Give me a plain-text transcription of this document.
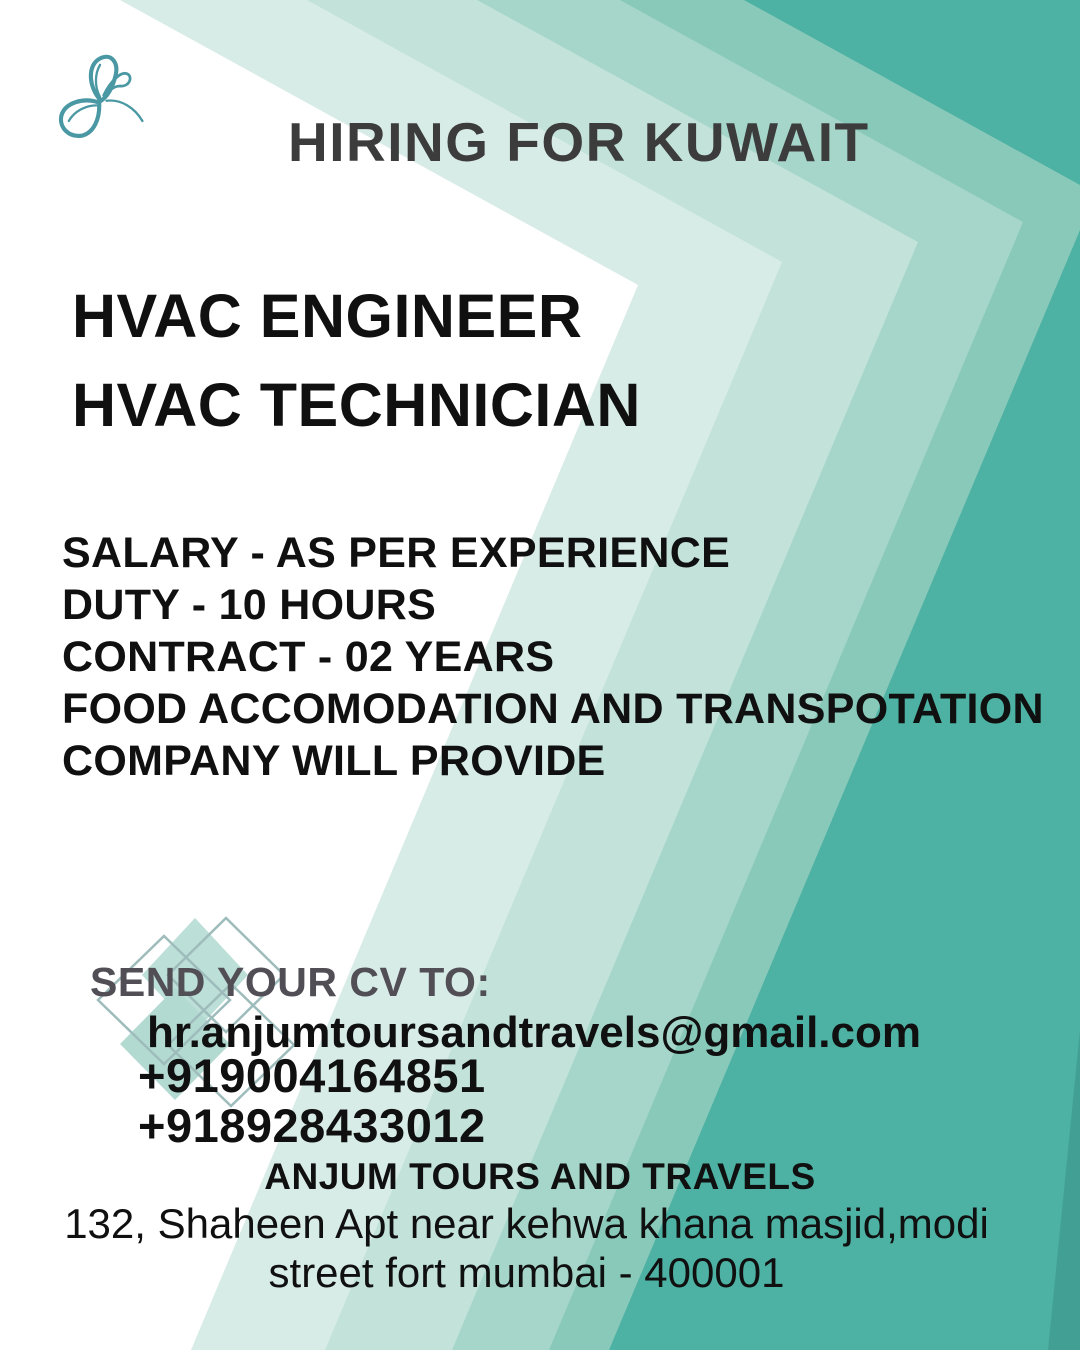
HIRING FOR KUWAIT
HVAC ENGINEER
HVAC TECHNICIAN
SALARY - AS PER EXPERIENCE
DUTY - 10 HOURS
CONTRACT - 02 YEARS
FOOD ACCOMODATION AND TRANSPOTATION
COMPANY WILL PROVIDE
SEND YOUR CV TO:
hr.anjumtoursandtravels@gmail.com
+919004164851
+918928433012
ANJUM TOURS AND TRAVELS
132, Shaheen Apt near kehwa khana masjid,modi
street fort mumbai - 400001
